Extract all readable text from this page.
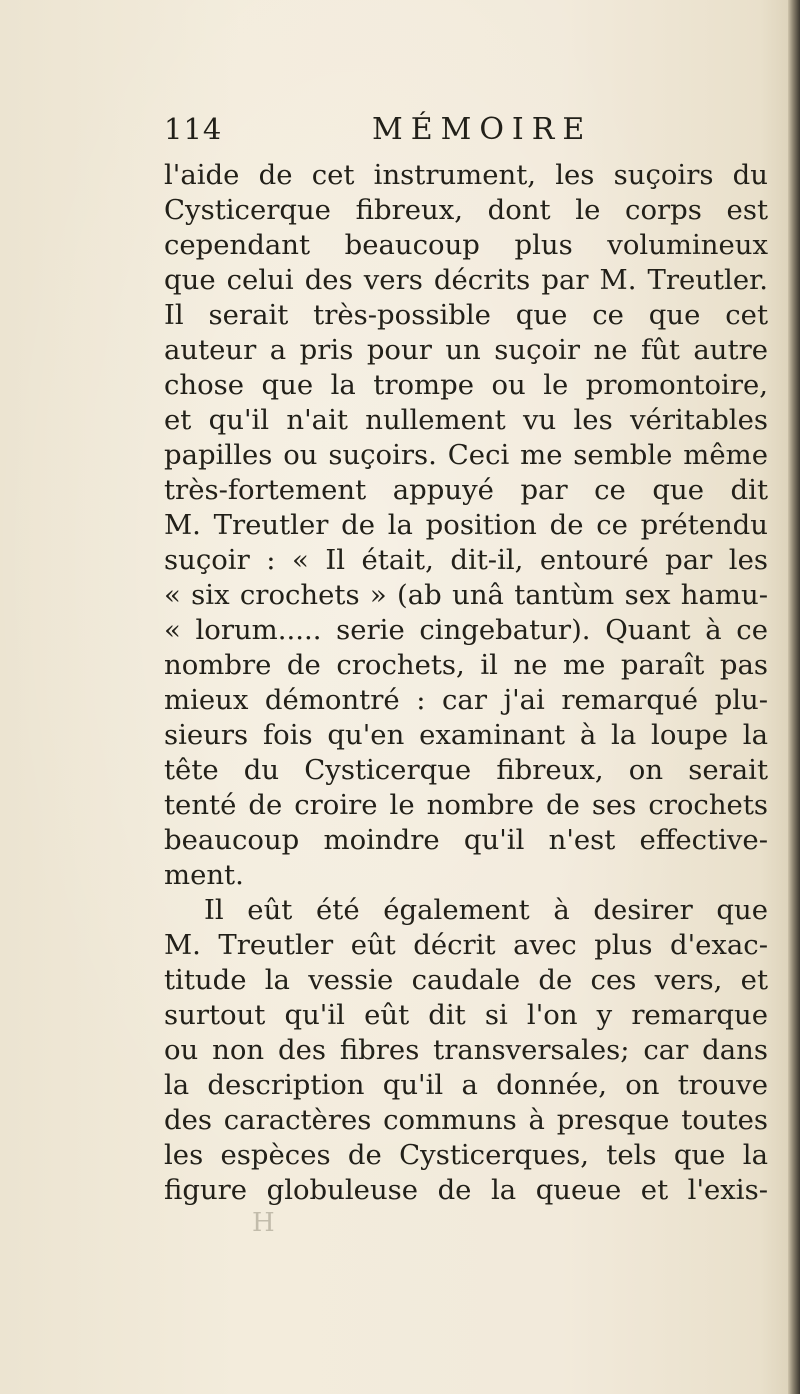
114	MÉMOIRE
l'aide de cet instrument, les suçoirs du
Cysticerque fibreux, dont le corps est
cependant beaucoup plus volumineux
que celui des vers décrits par M. Treutler.
Il serait très-possible que ce que cet
auteur a pris pour un suçoir ne fût autre
chose que la trompe ou le promontoire,
et qu'il n'ait nullement vu les véritables
papilles ou suçoirs. Ceci me semble même
très-fortement appuyé par ce que dit
M. Treutler de la position de ce prétendu
suçoir : « Il était, dit-il, entouré par les
« six crochets » (ab unâ tantùm sex hamu-
« lorum..... serie cingebatur). Quant à ce
nombre de crochets, il ne me paraît pas
mieux démontré : car j'ai remarqué plu-
sieurs fois qu'en examinant à la loupe la
tête du Cysticerque fibreux, on serait
tenté de croire le nombre de ses crochets
beaucoup moindre qu'il n'est effective-
ment.
Il eût été également à desirer que
M. Treutler eût décrit avec plus d'exac-
titude la vessie caudale de ces vers, et
surtout qu'il eût dit si l'on y remarque
ou non des fibres transversales; car dans
la description qu'il a donnée, on trouve
des caractères communs à presque toutes
les espèces de Cysticerques, tels que la
figure globuleuse de la queue et l'exis-
H
